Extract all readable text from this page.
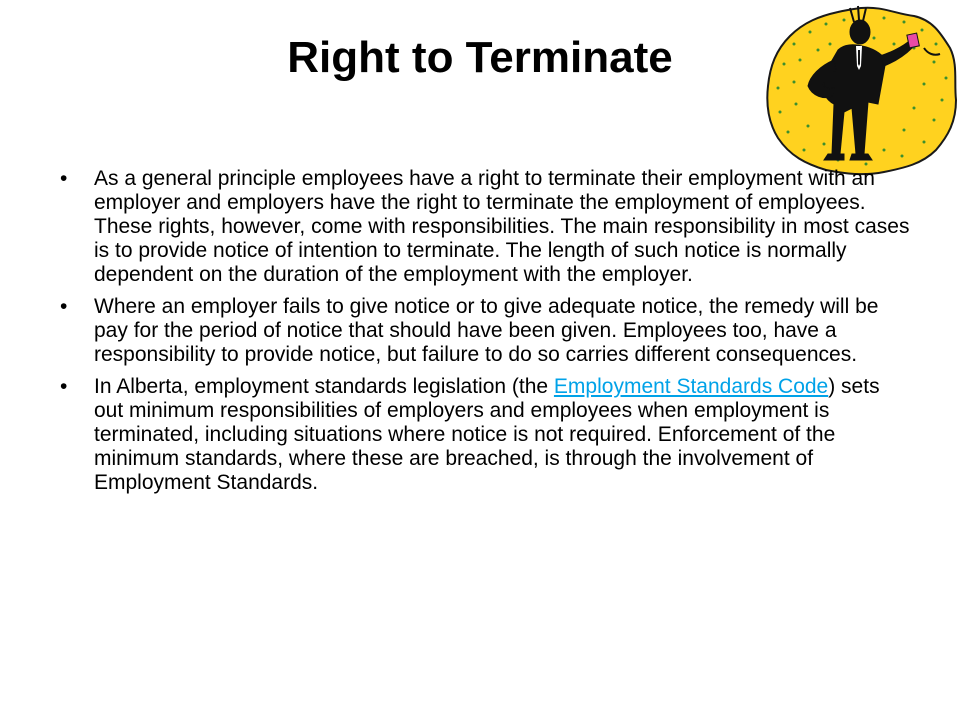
Right to Terminate
• As a general principle employees have a right to terminate their employment with an employer and employers have the right to terminate the employment of employees. These rights, however, come with responsibilities. The main responsibility in most cases is to provide notice of intention to terminate. The length of such notice is normally dependent on the duration of the employment with the employer.
• Where an employer fails to give notice or to give adequate notice, the remedy will be pay for the period of notice that should have been given. Employees too, have a responsibility to provide notice, but failure to do so carries different consequences.
• In Alberta, employment standards legislation (the Employment Standards Code) sets out minimum responsibilities of employers and employees when employment is terminated, including situations where notice is not required. Enforcement of the minimum standards, where these are breached, is through the involvement of Employment Standards.
